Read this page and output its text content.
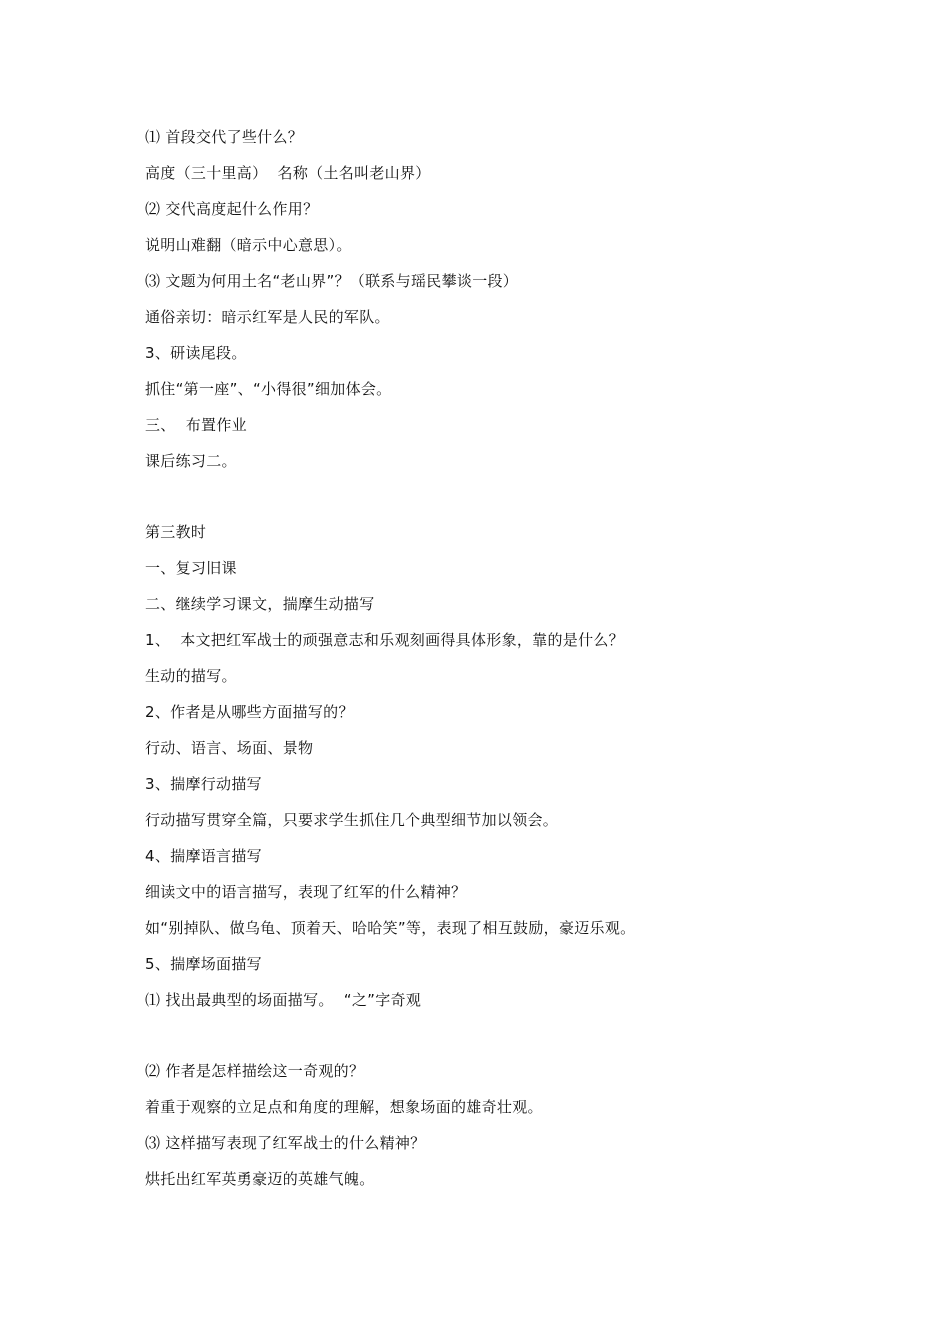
⑴ 首段交代了些什么？
高度（三十里高）  名称（土名叫老山界）
⑵ 交代高度起什么作用？
说明山难翻（暗示中心意思）。
⑶ 文题为何用土名“老山界”？（联系与瑶民攀谈一段）
通俗亲切：暗示红军是人民的军队。
3、研读尾段。
抓住“第一座”、“小得很”细加体会。
三、  布置作业
课后练习二。
第三教时
一、复习旧课
二、继续学习课文，揣摩生动描写
1、  本文把红军战士的顽强意志和乐观刻画得具体形象，靠的是什么？
生动的描写。
2、作者是从哪些方面描写的？
行动、语言、场面、景物
3、揣摩行动描写
行动描写贯穿全篇，只要求学生抓住几个典型细节加以领会。
4、揣摩语言描写
细读文中的语言描写，表现了红军的什么精神？
如“别掉队、做乌龟、顶着天、哈哈笑”等，表现了相互鼓励，豪迈乐观。
5、揣摩场面描写
⑴ 找出最典型的场面描写。  “之”字奇观
⑵ 作者是怎样描绘这一奇观的？
着重于观察的立足点和角度的理解，想象场面的雄奇壮观。
⑶ 这样描写表现了红军战士的什么精神？
烘托出红军英勇豪迈的英雄气魄。
